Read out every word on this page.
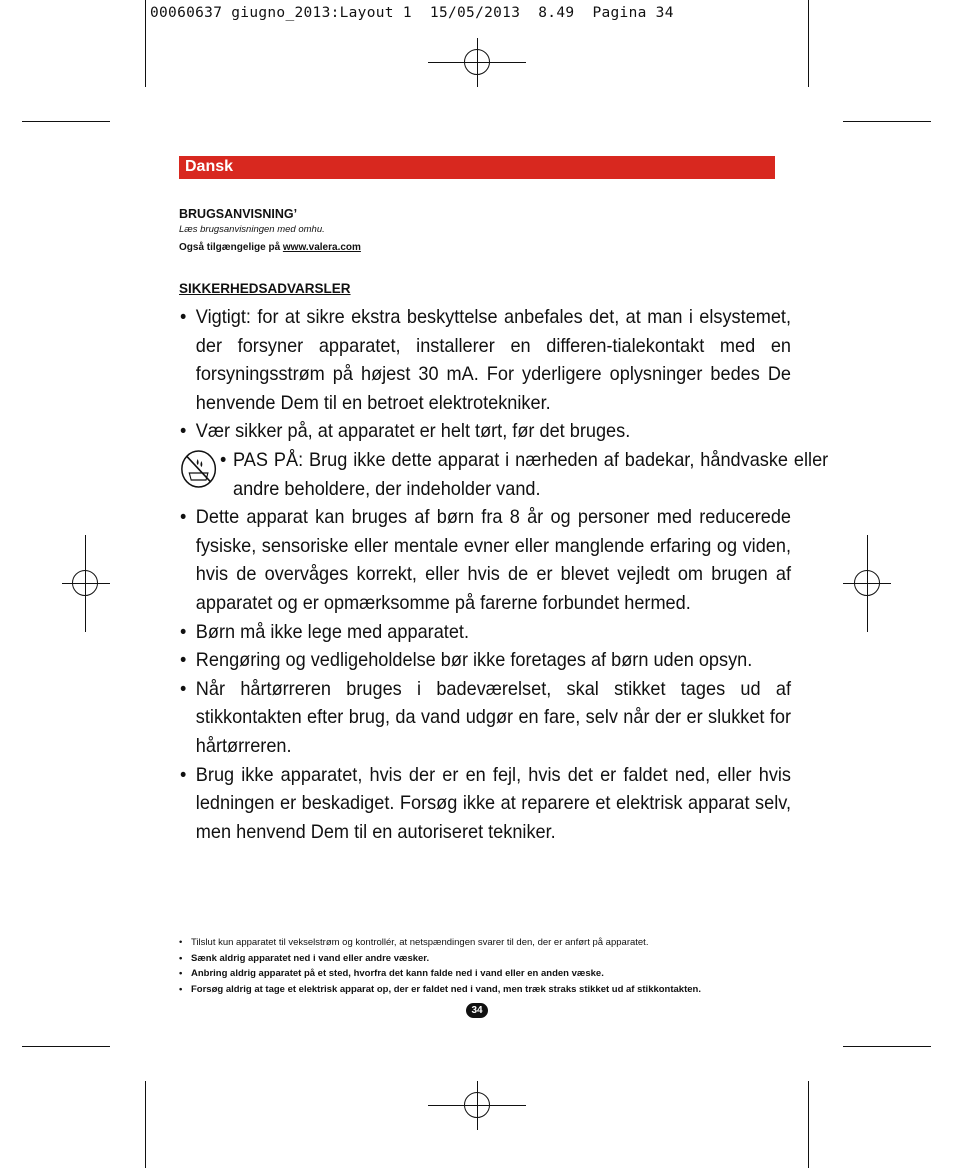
00060637 giugno_2013:Layout 1  15/05/2013  8.49  Pagina 34
Dansk
BRUGSANVISNING’
Læs brugsanvisningen med omhu.
Også tilgængelige på www.valera.com
SIKKERHEDSADVARSLER
• Vigtigt: for at sikre ekstra beskyttelse anbefales det, at man i elsystemet, der forsyner apparatet, installerer en differen-tialekontakt med en forsyningsstrøm på højest 30 mA. For yderligere oplysninger bedes De henvende Dem til en betroet elektrotekniker.
• Vær sikker på, at apparatet er helt tørt, før det bruges.
• PAS PÅ: Brug ikke dette apparat i nærheden af badekar, håndvaske eller andre beholdere, der indeholder vand.
• Dette apparat kan bruges af børn fra 8 år og personer med reducerede fysiske, sensoriske eller mentale evner eller manglende erfaring og viden, hvis de overvåges korrekt, eller hvis de er blevet vejledt om brugen af apparatet og er opmærksomme på farerne forbundet hermed.
• Børn må ikke lege med apparatet.
• Rengøring og vedligeholdelse bør ikke foretages af børn uden opsyn.
• Når hårtørreren bruges i badeværelset, skal stikket tages ud af stikkontakten efter brug, da vand udgør en fare, selv når der er slukket for hårtørreren.
• Brug ikke apparatet, hvis der er en fejl, hvis det er faldet ned, eller hvis ledningen er beskadiget. Forsøg ikke at reparere et elektrisk apparat selv, men henvend Dem til en autoriseret tekniker.
• Tilslut kun apparatet til vekselstrøm og kontrollér, at netspændingen svarer til den, der er anført på apparatet.
• Sænk aldrig apparatet ned i vand eller andre væsker.
• Anbring aldrig apparatet på et sted, hvorfra det kann falde ned i vand eller en anden væske.
• Forsøg aldrig at tage et elektrisk apparat op, der er faldet ned i vand, men træk straks stikket ud af stikkontakten.
34
